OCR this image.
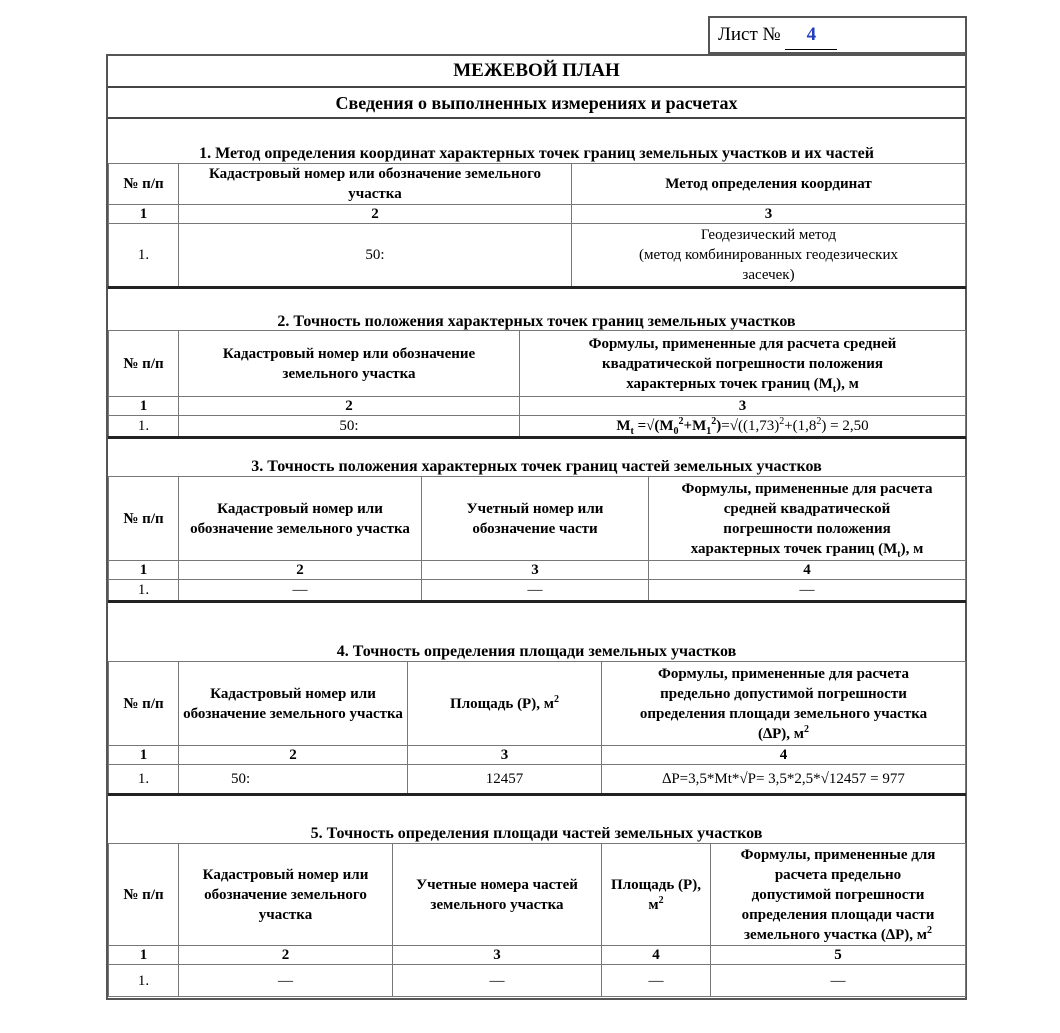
Лист № 4
МЕЖЕВОЙ ПЛАН
Сведения о выполненных измерениях и расчетах
1. Метод определения координат характерных точек границ земельных участков и их частей
№ п/п	Кадастровый номер или обозначение земельного участка	Метод определения координат
1	2	3
1.	50:	Геодезический метод
(метод комбинированных геодезических
засечек)
2. Точность положения характерных точек границ земельных участков
№ п/п	Кадастровый номер или обозначение земельного участка	Формулы, примененные для расчета средней
квадратической погрешности положения
характерных точек границ $(M_t)$, м

1	2	3
1.	50:	$M_t =√(M_0^2+M_1^2)=√((1,73)^2+(1,8^2) = 2,50$
3. Точность положения характерных точек границ частей земельных участков
№ п/п	Кадастровый номер или обозначение земельного участка	Учетный номер или обозначение части	Формулы, примененные для расчета
средней квадратической
погрешности положения
характерных точек границ $(M_t)$, м

1	2	3	4
1.	—	—	—
4. Точность определения площади земельных участков
№ п/п	Кадастровый номер или обозначение земельного участка	Площадь (P), $м^2$	Формулы, примененные для расчета
предельно допустимой погрешности
определения площади земельного участка
(∆P), $м^2$

1	2	3	4
1.	50:	12457	∆P=3,5*Mt*√P= 3,5*2,5*√12457 = 977
5. Точность определения площади частей земельных участков
№ п/п	Кадастровый номер или обозначение земельного участка	Учетные номера частей земельного участка	Площадь (P), $м^2$	Формулы, примененные для
расчета предельно
допустимой погрешности
определения площади части
земельного участка (∆P), $м^2$

1	2	3	4	5
1.	—	—	—	—
